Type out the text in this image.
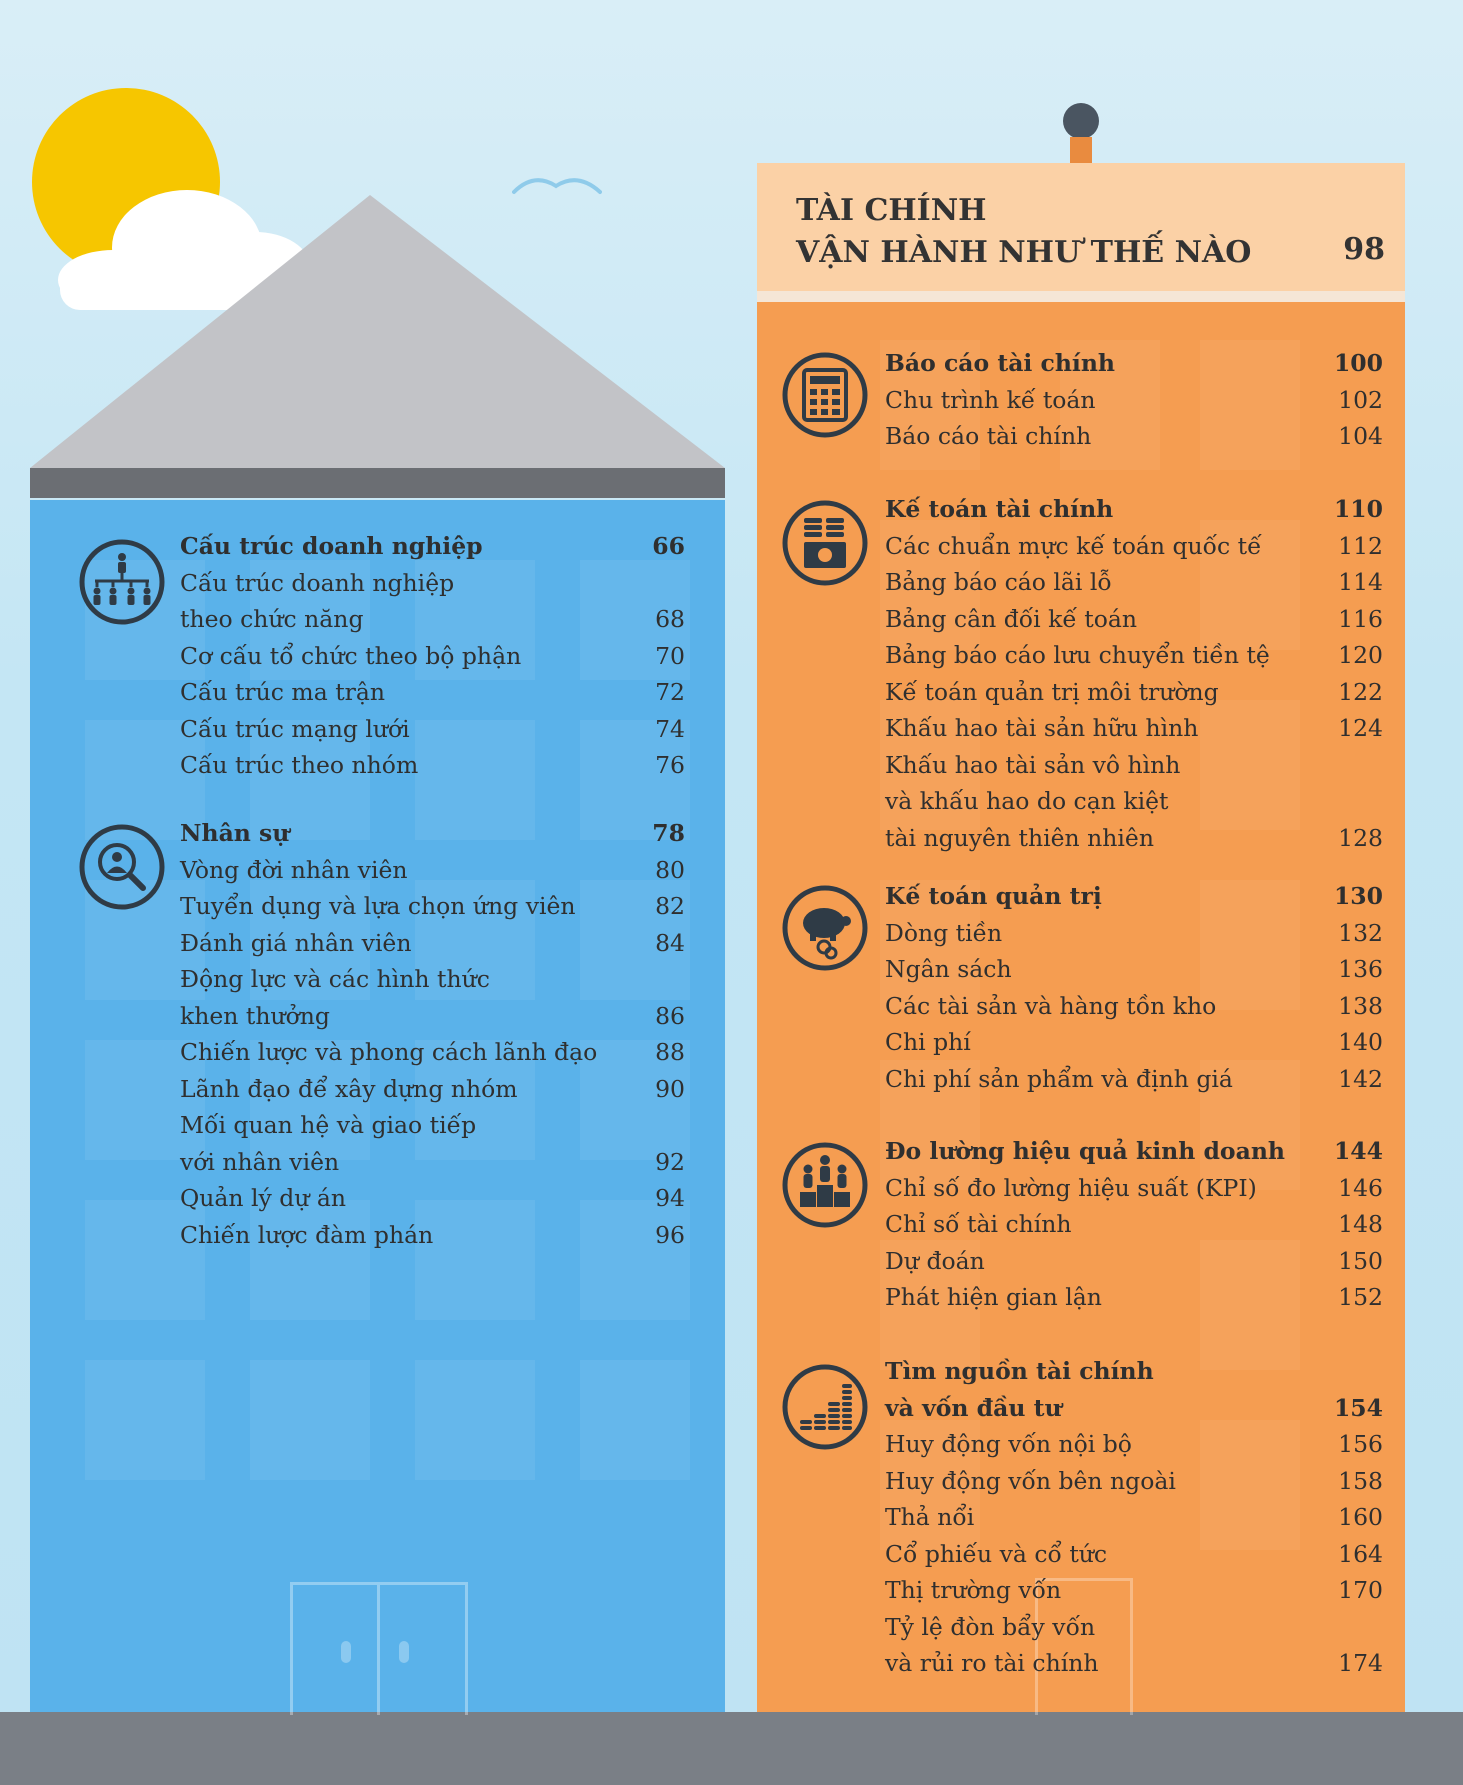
TÀI CHÍNH
VẬN HÀNH NHƯ THẾ NÀO	98
Cấu trúc doanh nghiệp	66
Cấu trúc doanh nghiệp
theo chức năng	68
Cơ cấu tổ chức theo bộ phận	70
Cấu trúc ma trận	72
Cấu trúc mạng lưới	74
Cấu trúc theo nhóm	76
Nhân sự	78
Vòng đời nhân viên	80
Tuyển dụng và lựa chọn ứng viên	82
Đánh giá nhân viên	84
Động lực và các hình thức
khen thưởng	86
Chiến lược và phong cách lãnh đạo 88
Lãnh đạo để xây dựng nhóm	90
Mối quan hệ và giao tiếp
với nhân viên	92
Quản lý dự án	94
Chiến lược đàm phán	96
Báo cáo tài chính	100
Chu trình kế toán	102
Báo cáo tài chính	104
Kế toán tài chính	110
Các chuẩn mực kế toán quốc tế	112
Bảng báo cáo lãi lỗ	114
Bảng cân đối kế toán	116
Bảng báo cáo lưu chuyển tiền tệ	120
Kế toán quản trị môi trường	122
Khấu hao tài sản hữu hình	124
Khấu hao tài sản vô hình
và khấu hao do cạn kiệt
tài nguyên thiên nhiên	128
Kế toán quản trị	130
Dòng tiền	132
Ngân sách	136
Các tài sản và hàng tồn kho	138
Chi phí	140
Chi phí sản phẩm và định giá	142
Đo lường hiệu quả kinh doanh 144
Chỉ số đo lường hiệu suất (KPI)	146
Chỉ số tài chính	148
Dự đoán	150
Phát hiện gian lận	152
Tìm nguồn tài chính
và vốn đầu tư	154
Huy động vốn nội bộ	156
Huy động vốn bên ngoài	158
Thả nổi	160
Cổ phiếu và cổ tức	164
Thị trường vốn	170
Tỷ lệ đòn bẩy vốn
và rủi ro tài chính	174
